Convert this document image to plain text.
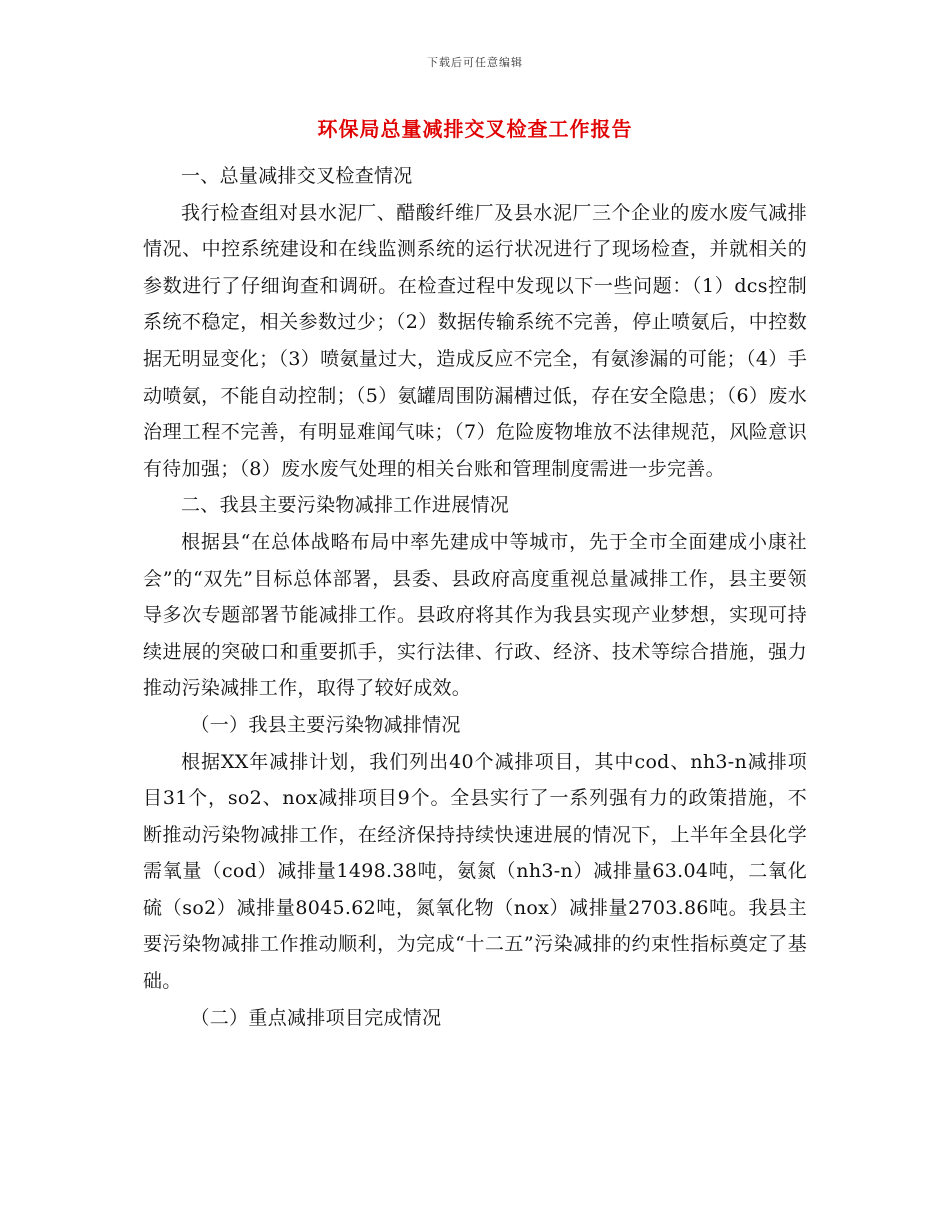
下载后可任意编辑
环保局总量减排交叉检查工作报告

一、总量减排交叉检查情况

我行检查组对县水泥厂、醋酸纤维厂及县水泥厂三个企业的废水废气减排情况、中控系统建设和在线监测系统的运行状况进行了现场检查，并就相关的参数进行了仔细询查和调研。在检查过程中发现以下一些问题：（1）dcs控制系统不稳定，相关参数过少；（2）数据传输系统不完善，停止喷氨后，中控数据无明显变化；（3）喷氨量过大，造成反应不完全，有氨渗漏的可能；（4）手动喷氨，不能自动控制；（5）氨罐周围防漏槽过低，存在安全隐患；（6）废水治理工程不完善，有明显难闻气味；（7）危险废物堆放不法律规范，风险意识有待加强；（8）废水废气处理的相关台账和管理制度需进一步完善。

二、我县主要污染物减排工作进展情况

根据县“在总体战略布局中率先建成中等城市，先于全市全面建成小康社会”的“双先”目标总体部署，县委、县政府高度重视总量减排工作，县主要领导多次专题部署节能减排工作。县政府将其作为我县实现产业梦想，实现可持续进展的突破口和重要抓手，实行法律、行政、经济、技术等综合措施，强力推动污染减排工作，取得了较好成效。

（一）我县主要污染物减排情况

根据XX年减排计划，我们列出40个减排项目，其中cod、nh3-n减排项目31个，so2、nox减排项目9个。全县实行了一系列强有力的政策措施，不断推动污染物减排工作，在经济保持持续快速进展的情况下，上半年全县化学需氧量（cod）减排量1498.38吨，氨氮（nh3-n）减排量63.04吨，二氧化硫（so2）减排量8045.62吨，氮氧化物（nox）减排量2703.86吨。我县主要污染物减排工作推动顺利，为完成“十二五”污染减排的约束性指标奠定了基础。

（二）重点减排项目完成情况
